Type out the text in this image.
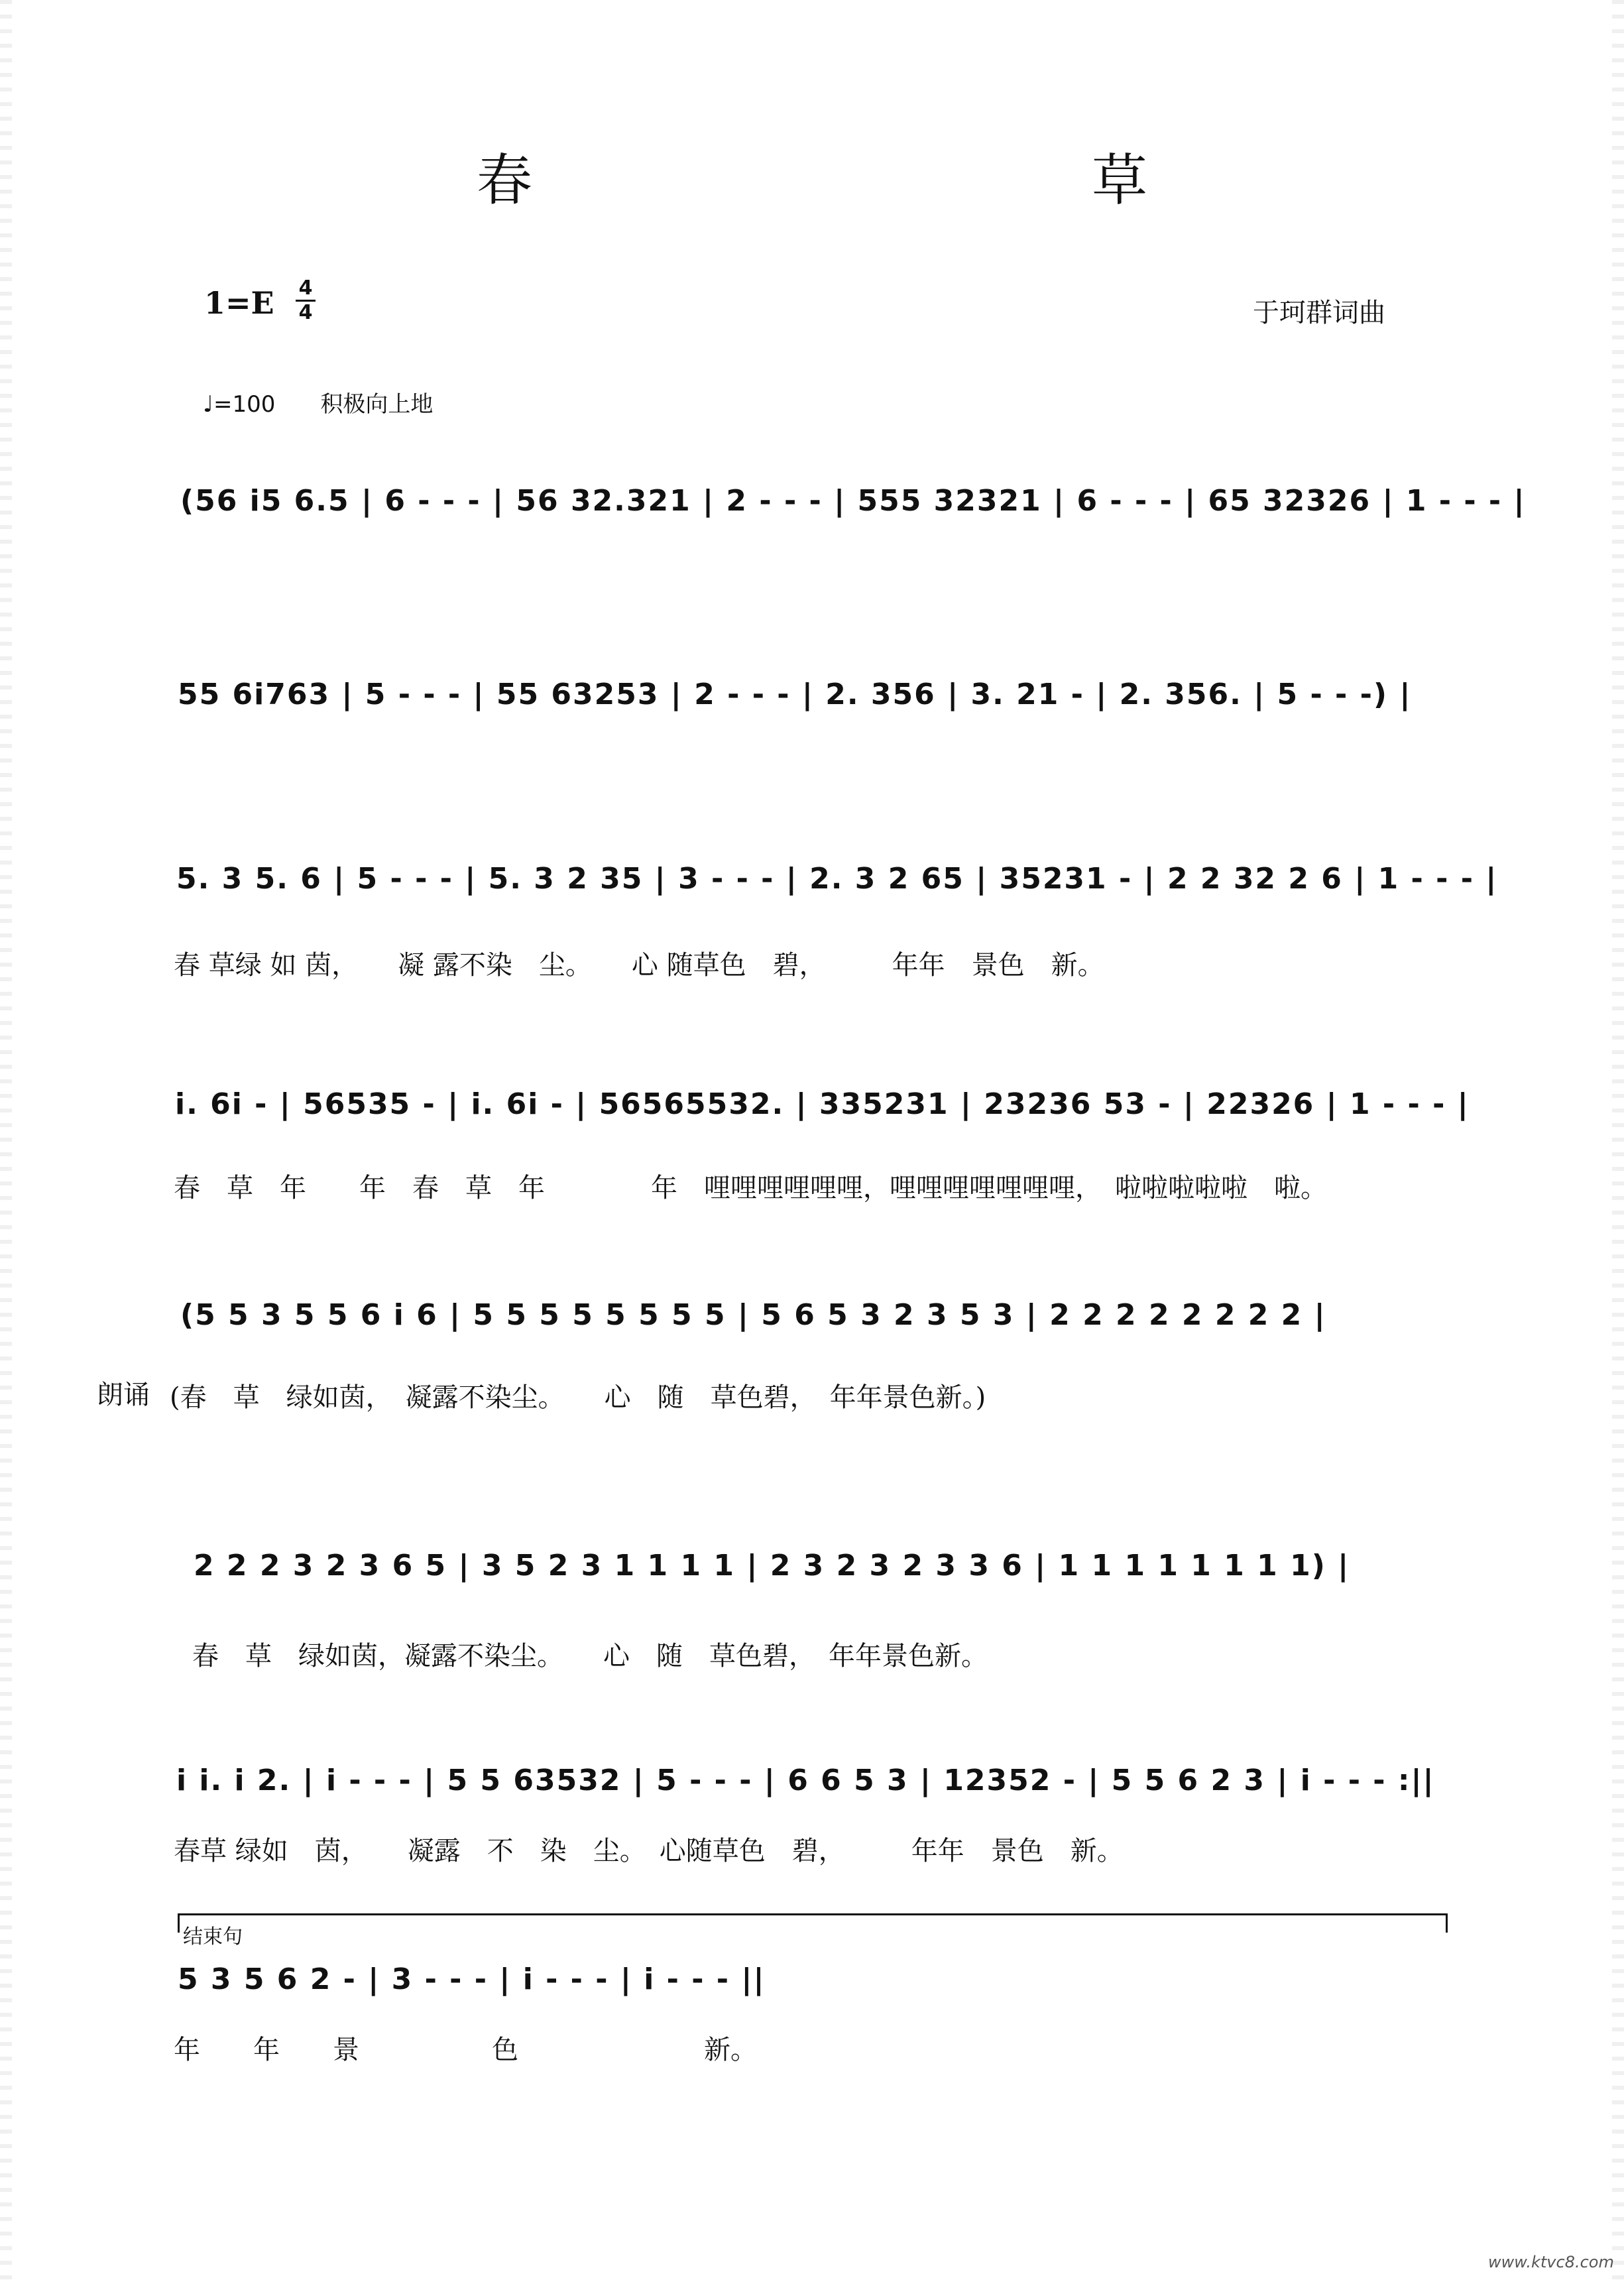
春　草
1=E 4
4	于珂群词曲
♩=100　　积极向上地
(56 i5 6.5 | 6 - - - | 56 32.321 | 2 - - - | 555 32321 | 6 - - - | 65 32326 | 1 - - - |
55 6i763 | 5 - - - | 55 63253 | 2 - - - | 2. 356 | 3. 21 - | 2. 356. | 5 - - -) |
5. 3 5. 6 | 5 - - - | 5. 3 2 35 | 3 - - - | 2. 3 2 65 | 35231 - | 2 2 32 2 6 | 1 - - - |
春 草绿 如 茵，　　凝 露不染　尘。　　心 随草色　碧，　　　年年　景色　新。
i. 6i - | 56535 - | i. 6i - | 56565532. | 335231 | 23236 53 - | 22326 | 1 - - - |
春　草　年　　年　春　草　年　　　　年　哩哩哩哩哩哩，哩哩哩哩哩哩哩，　啦啦啦啦啦　啦。
(5 5 3 5 5 6 i 6 | 5 5 5 5 5 5 5 5 | 5 6 5 3 2 3 5 3 | 2 2 2 2 2 2 2 2 |
朗诵 (春　草　绿如茵，　凝露不染尘。　　心　随　草色碧，　年年景色新。)
2 2 2 3 2 3 6 5 | 3 5 2 3 1 1 1 1 | 2 3 2 3 2 3 3 6 | 1 1 1 1 1 1 1 1) |
春　草　绿如茵，凝露不染尘。　　心　随　草色碧，　年年景色新。
i i. i 2. | i - - - | 5 5 63532 | 5 - - - | 6 6 5 3 | 12352 - | 5 5 6 2 3 | i - - - :||
春草 绿如　茵，　　凝露　不　染　尘。　心随草色　碧，　　　年年　景色　新。
结束句
5 3 5 6 2 - | 3 - - - | i - - - | i - - - ||
年　　年　　景　　　　　色　　　　　　　新。
www.ktvc8.com
